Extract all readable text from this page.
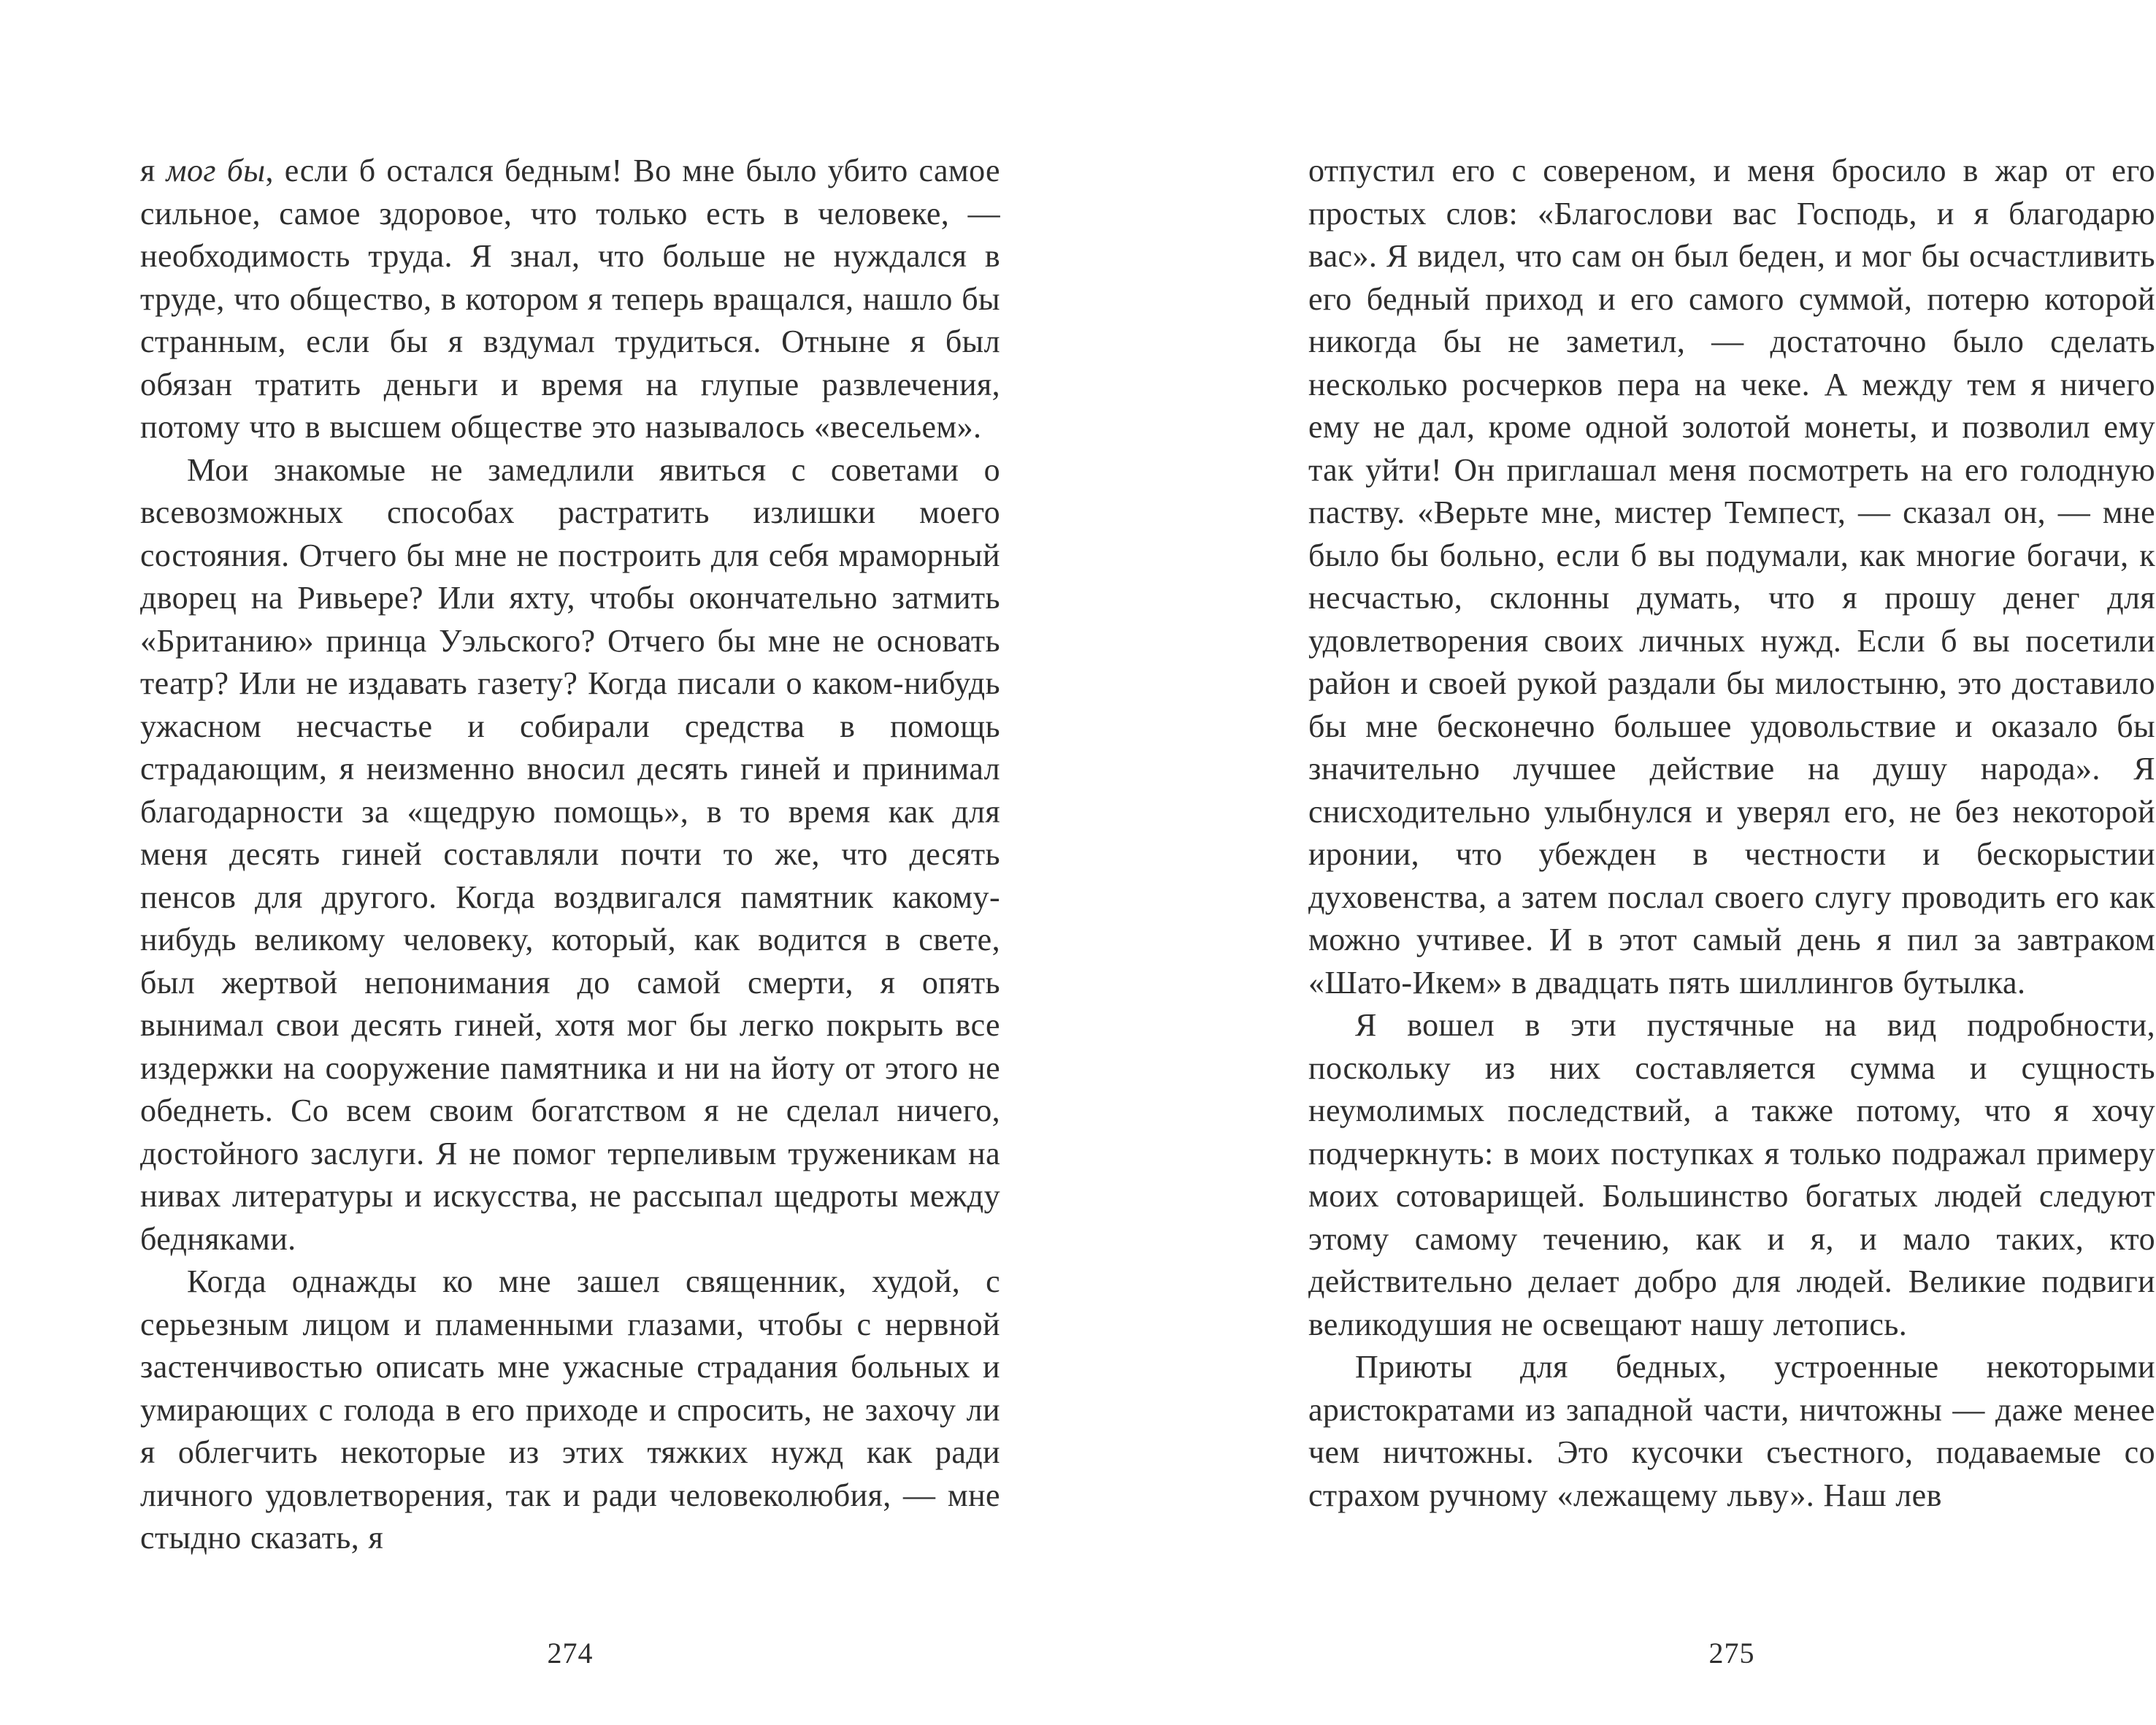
я мог бы, если б остался бедным! Во мне было убито самое сильное, самое здоровое, что только есть в человеке, — необходимость труда. Я знал, что больше не нуждался в труде, что общество, в котором я теперь вращался, нашло бы странным, если бы я вздумал трудиться. Отныне я был обязан тратить деньги и время на глупые развлечения, потому что в высшем обществе это называлось «весельем».

Мои знакомые не замедлили явиться с советами о всевозможных способах растратить излишки моего состояния. Отчего бы мне не построить для себя мраморный дворец на Ривьере? Или яхту, чтобы окончательно затмить «Британию» принца Уэльского? Отчего бы мне не основать театр? Или не издавать газету? Когда писали о каком-нибудь ужасном несчастье и собирали средства в помощь страдающим, я неизменно вносил десять гиней и принимал благодарности за «щедрую помощь», в то время как для меня десять гиней составляли почти то же, что десять пенсов для другого. Когда воздвигался памятник какому-нибудь великому человеку, который, как водится в свете, был жертвой непонимания до самой смерти, я опять вынимал свои десять гиней, хотя мог бы легко покрыть все издержки на сооружение памятника и ни на йоту от этого не обеднеть. Со всем своим богатством я не сделал ничего, достойного заслуги. Я не помог терпеливым труженикам на нивах литературы и искусства, не рассыпал щедроты между бедняками.

Когда однажды ко мне зашел священник, худой, с серьезным лицом и пламенными глазами, чтобы с нервной застенчивостью описать мне ужасные страдания больных и умирающих с голода в его приходе и спросить, не захочу ли я облегчить некоторые из этих тяжких нужд как ради личного удовлетворения, так и ради человеколюбия, — мне стыдно сказать, я

274

отпустил его с совереном, и меня бросило в жар от его простых слов: «Благослови вас Господь, и я благодарю вас». Я видел, что сам он был беден, и мог бы осчастливить его бедный приход и его самого суммой, потерю которой никогда бы не заметил, — достаточно было сделать несколько росчерков пера на чеке. А между тем я ничего ему не дал, кроме одной золотой монеты, и позволил ему так уйти! Он приглашал меня посмотреть на его голодную паству. «Верьте мне, мистер Темпест, — сказал он, — мне было бы больно, если б вы подумали, как многие богачи, к несчастью, склонны думать, что я прошу денег для удовлетворения своих личных нужд. Если б вы посетили район и своей рукой раздали бы милостыню, это доставило бы мне бесконечно большее удовольствие и оказало бы значительно лучшее действие на душу народа». Я снисходительно улыбнулся и уверял его, не без некоторой иронии, что убежден в честности и бескорыстии духовенства, а затем послал своего слугу проводить его как можно учтивее. И в этот самый день я пил за завтраком «Шато-Икем» в двадцать пять шиллингов бутылка.

Я вошел в эти пустячные на вид подробности, поскольку из них составляется сумма и сущность неумолимых последствий, а также потому, что я хочу подчеркнуть: в моих поступках я только подражал примеру моих сотоварищей. Большинство богатых людей следуют этому самому течению, как и я, и мало таких, кто действительно делает добро для людей. Великие подвиги великодушия не освещают нашу летопись.

Приюты для бедных, устроенные некоторыми аристократами из западной части, ничтожны — даже менее чем ничтожны. Это кусочки съестного, подаваемые со страхом ручному «лежащему льву». Наш лев

275
